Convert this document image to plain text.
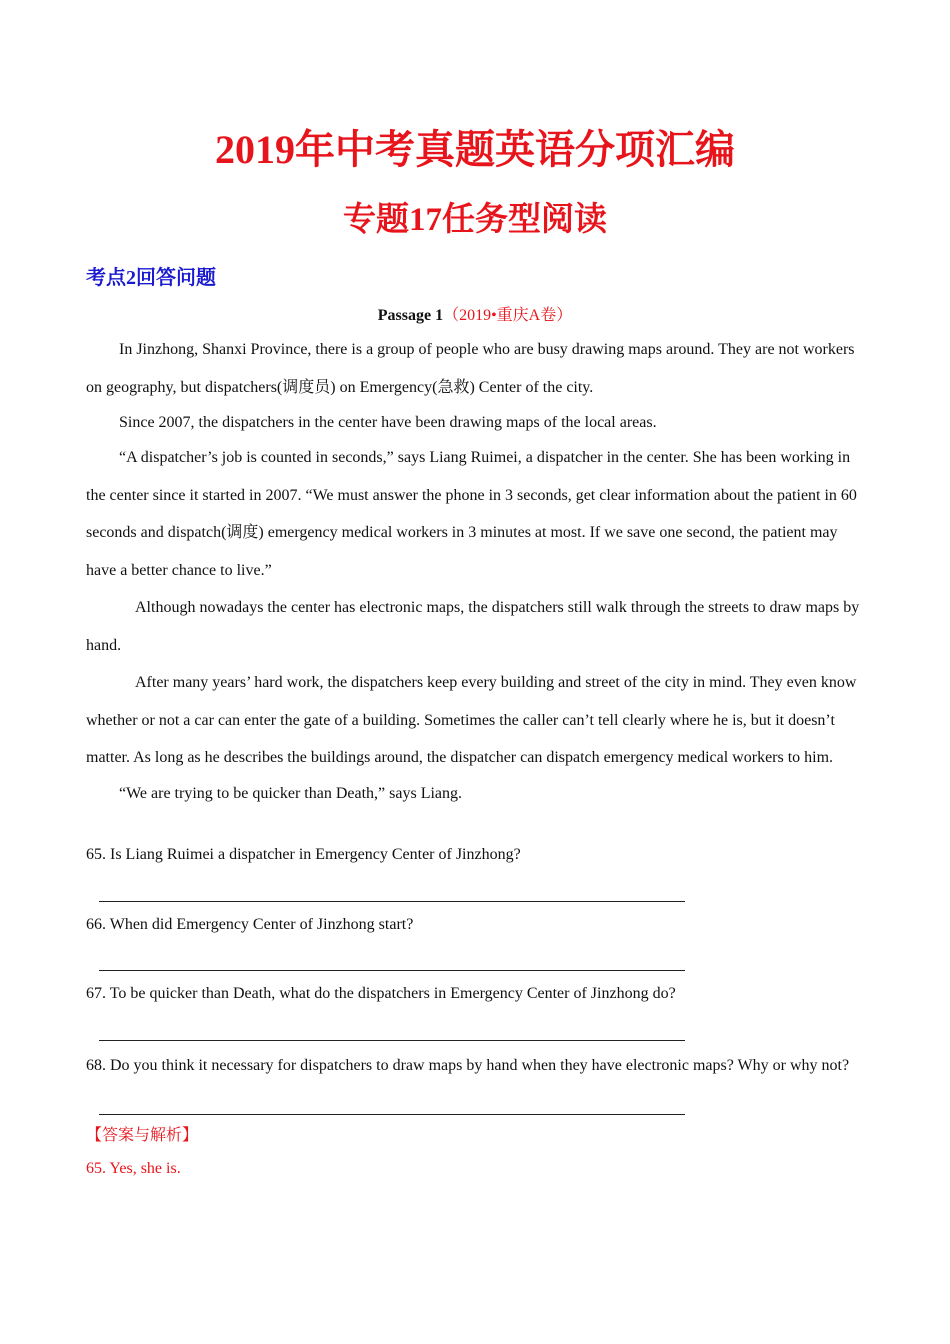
2019年中考真题英语分项汇编
专题17任务型阅读
考点2回答问题
Passage 1（2019•重庆A卷）

In Jinzhong, Shanxi Province, there is a group of people who are busy drawing maps around. They are not workers on geography, but dispatchers(调度员) on Emergency(急救) Center of the city.

Since 2007, the dispatchers in the center have been drawing maps of the local areas.

“A dispatcher’s job is counted in seconds,” says Liang Ruimei, a dispatcher in the center. She has been working in the center since it started in 2007. “We must answer the phone in 3 seconds, get clear information about the patient in 60 seconds and dispatch(调度) emergency medical workers in 3 minutes at most. If we save one second, the patient may have a better chance to live.”

Although nowadays the center has electronic maps, the dispatchers still walk through the streets to draw maps by hand.

After many years’ hard work, the dispatchers keep every building and street of the city in mind. They even know whether or not a car can enter the gate of a building. Sometimes the caller can’t tell clearly where he is, but it doesn’t matter. As long as he describes the buildings around, the dispatcher can dispatch emergency medical workers to him.

“We are trying to be quicker than Death,” says Liang.

65. Is Liang Ruimei a dispatcher in Emergency Center of Jinzhong?

66. When did Emergency Center of Jinzhong start?

67. To be quicker than Death, what do the dispatchers in Emergency Center of Jinzhong do?

68. Do you think it necessary for dispatchers to draw maps by hand when they have electronic maps? Why or why not?

【答案与解析】

65. Yes, she is.
